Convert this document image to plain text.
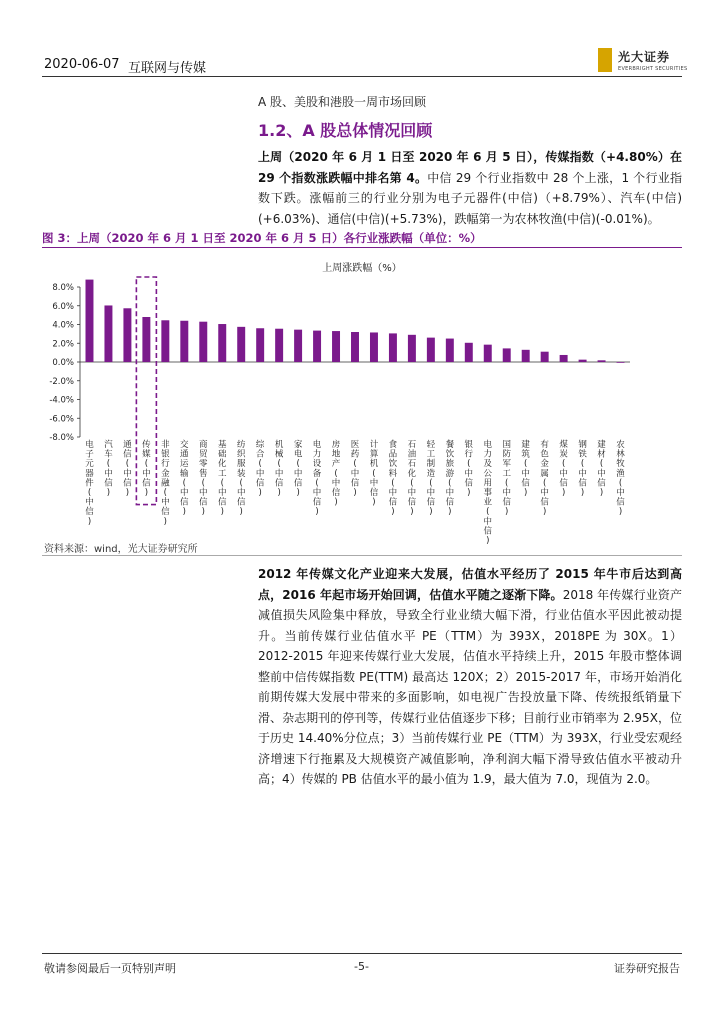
2020-06-07 互联网与传媒
光大证券
EVERBRIGHT SECURITIES
A 股、美股和港股一周市场回顾
1.2、A 股总体情况回顾
上周（2020 年 6 月 1 日至 2020 年 6 月 5 日），传媒指数（+4.80%）在 29 个指数涨跌幅中排名第 4。中信 29 个行业指数中 28 个上涨，1 个行业指数下跌。涨幅前三的行业分别为电子元器件(中信)（+8.79%）、汽车(中信)(+6.03%)、通信(中信)(+5.73%)，跌幅第一为农林牧渔(中信)(-0.01%)。
图 3：上周（2020 年 6 月 1 日至 2020 年 6 月 5 日）各行业涨跌幅（单位：%）
上周涨跌幅（%）
8.0%
6.0%
4.0%
2.0%
0.0%
-2.0%
-4.0%
-6.0%
-8.0%
电子元器件(中信)
汽车(中信)
通信(中信)
传媒(中信)
非银行金融(中信)
交通运输(中信)
商贸零售(中信)
基础化工(中信)
纺织服装(中信)
综合(中信)
机械(中信)
家电(中信)
电力设备(中信)
房地产(中信)
医药(中信)
计算机(中信)
食品饮料(中信)
石油石化(中信)
轻工制造(中信)
餐饮旅游(中信)
银行(中信)
电力及公用事业(中信)
国防军工(中信)
建筑(中信)
有色金属(中信)
煤炭(中信)
钢铁(中信)
建材(中信)
农林牧渔(中信)
资料来源：wind，光大证券研究所
2012 年传媒文化产业迎来大发展，估值水平经历了 2015 年牛市后达到高点，2016 年起市场开始回调，估值水平随之逐渐下降。2018 年传媒行业资产减值损失风险集中释放，导致全行业业绩大幅下滑，行业估值水平因此被动提升。当前传媒行业估值水平 PE（TTM）为 393X，2018PE 为 30X。1）2012-2015 年迎来传媒行业大发展，估值水平持续上升，2015 年股市整体调整前中信传媒指数 PE(TTM) 最高达 120X；2）2015-2017 年，市场开始消化前期传媒大发展中带来的多面影响，如电视广告投放量下降、传统报纸销量下滑、杂志期刊的停刊等，传媒行业估值逐步下移；目前行业市销率为 2.95X，位于历史 14.40%分位点；3）当前传媒行业 PE（TTM）为 393X，行业受宏观经济增速下行拖累及大规模资产减值影响，净利润大幅下滑导致估值水平被动升高；4）传媒的 PB 估值水平的最小值为 1.9，最大值为 7.0，现值为 2.0。
敬请参阅最后一页特别声明	-5-	证券研究报告
